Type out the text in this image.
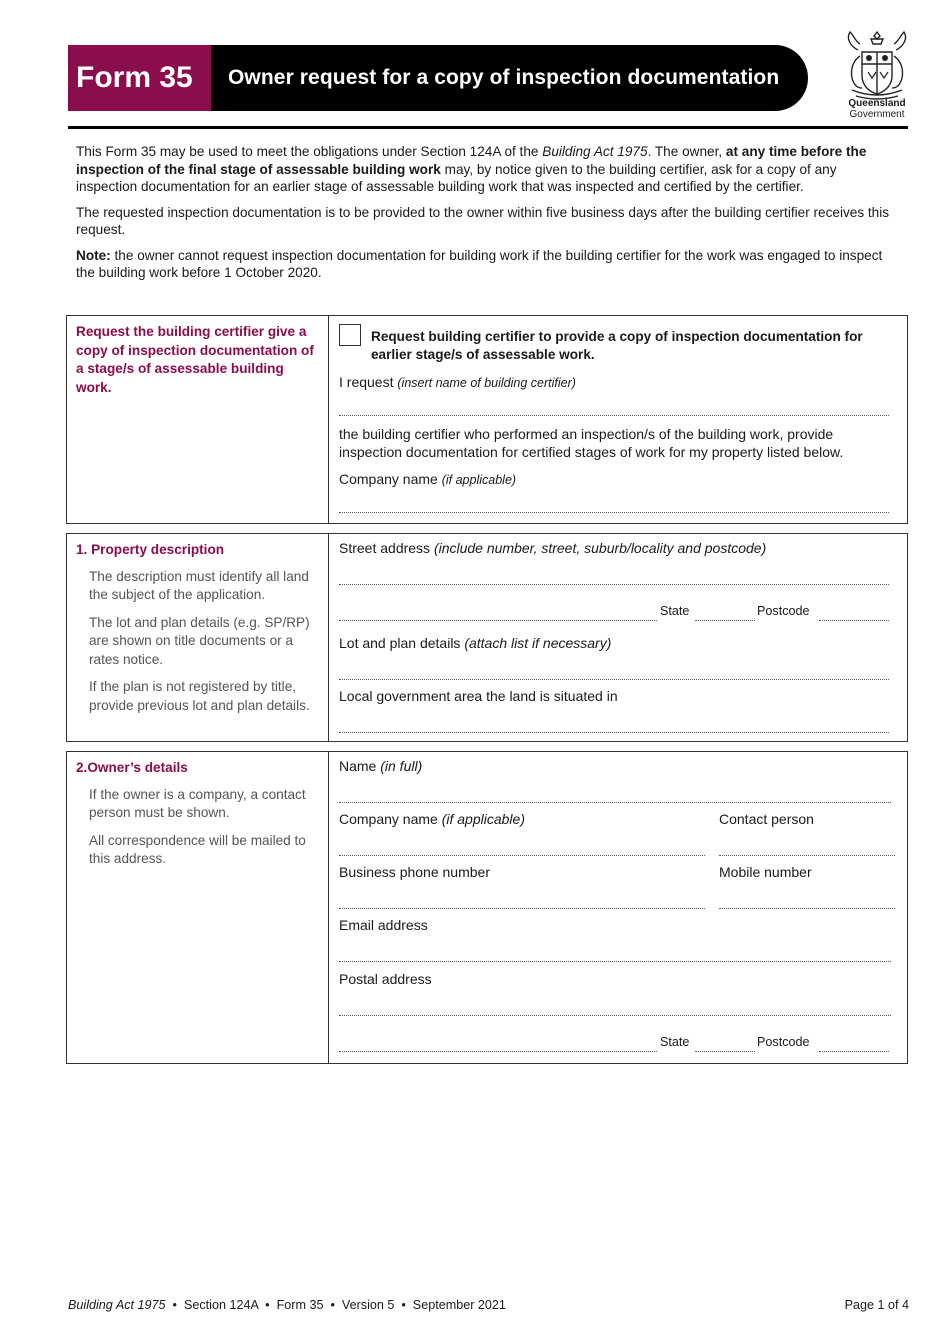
Form 35	Owner request for a copy of inspection documentation
Queensland
Government

This Form 35 may be used to meet the obligations under Section 124A of the Building Act 1975. The owner, at any time before the inspection of the final stage of assessable building work may, by notice given to the building certifier, ask for a copy of any inspection documentation for an earlier stage of assessable building work that was inspected and certified by the certifier.

The requested inspection documentation is to be provided to the owner within five business days after the building certifier receives this request.

Note: the owner cannot request inspection documentation for building work if the building certifier for the work was engaged to inspect the building work before 1 October 2020.

Request the building certifier give a copy of inspection documentation of a stage/s of assessable building work.
Request building certifier to provide a copy of inspection documentation for earlier stage/s of assessable work.
I request (insert name of building certifier)
the building certifier who performed an inspection/s of the building work, provide inspection documentation for certified stages of work for my property listed below.
Company name (if applicable)
1. Property description
The description must identify all land the subject of the application.
The lot and plan details (e.g. SP/RP) are shown on title documents or a rates notice.
If the plan is not registered by title, provide previous lot and plan details.
Street address (include number, street, suburb/locality and postcode)
State	Postcode
Lot and plan details (attach list if necessary)
Local government area the land is situated in
2.Owner’s details
If the owner is a company, a contact person must be shown.
All correspondence will be mailed to this address.
Name (in full)
Company name (if applicable)	Contact person
Business phone number	Mobile number
Email address
Postal address
State	Postcode
Building Act 1975  •  Section 124A  •  Form 35  •  Version 5  •  September 2021	Page 1 of 4
